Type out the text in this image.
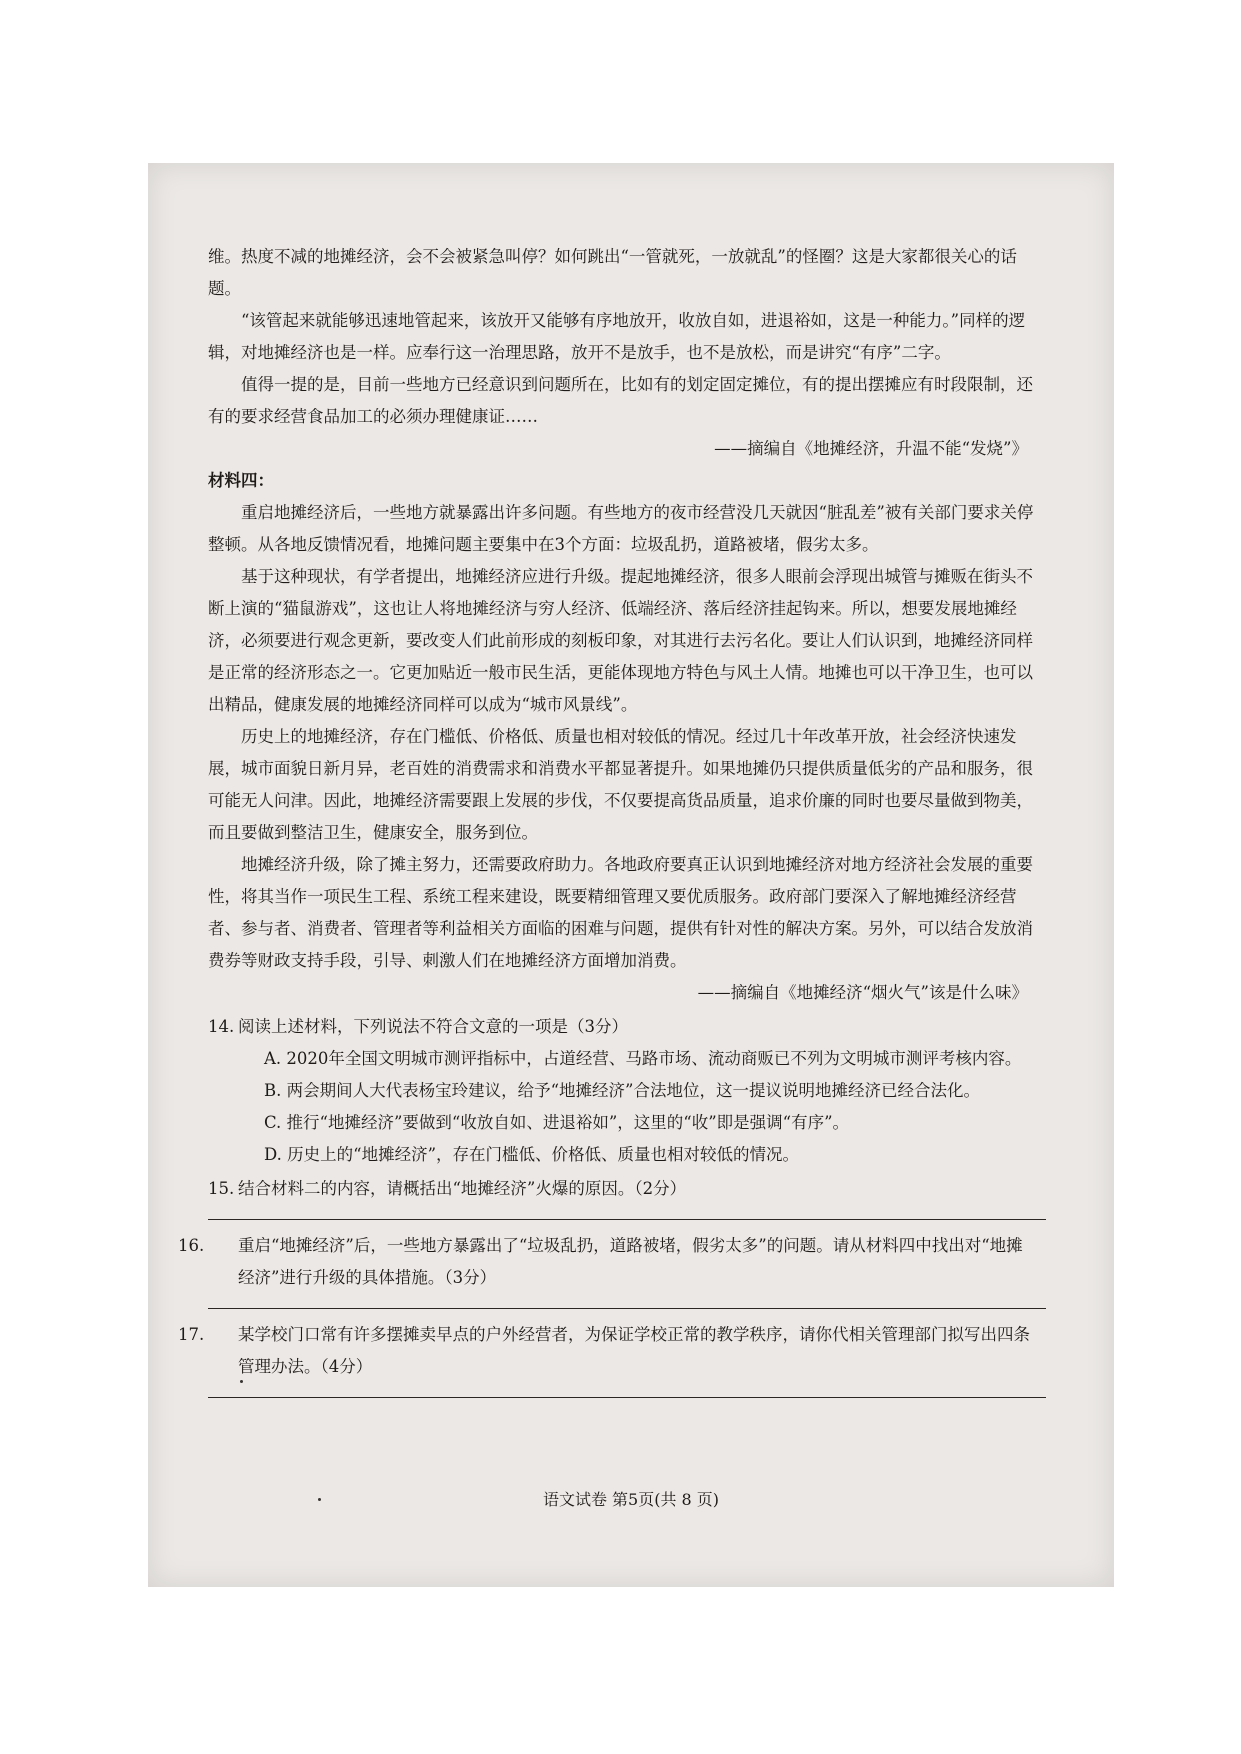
维。热度不减的地摊经济，会不会被紧急叫停？如何跳出“一管就死，一放就乱”的怪圈？这是大家都很关心的话题。

“该管起来就能够迅速地管起来，该放开又能够有序地放开，收放自如，进退裕如，这是一种能力。”同样的逻辑，对地摊经济也是一样。应奉行这一治理思路，放开不是放手，也不是放松，而是讲究“有序”二字。

值得一提的是，目前一些地方已经意识到问题所在，比如有的划定固定摊位，有的提出摆摊应有时段限制，还有的要求经营食品加工的必须办理健康证……

——摘编自《地摊经济，升温不能“发烧”》

材料四：

重启地摊经济后，一些地方就暴露出许多问题。有些地方的夜市经营没几天就因“脏乱差”被有关部门要求关停整顿。从各地反馈情况看，地摊问题主要集中在3个方面：垃圾乱扔，道路被堵，假劣太多。

基于这种现状，有学者提出，地摊经济应进行升级。提起地摊经济，很多人眼前会浮现出城管与摊贩在街头不断上演的“猫鼠游戏”，这也让人将地摊经济与穷人经济、低端经济、落后经济挂起钩来。所以，想要发展地摊经济，必须要进行观念更新，要改变人们此前形成的刻板印象，对其进行去污名化。要让人们认识到，地摊经济同样是正常的经济形态之一。它更加贴近一般市民生活，更能体现地方特色与风土人情。地摊也可以干净卫生，也可以出精品，健康发展的地摊经济同样可以成为“城市风景线”。

历史上的地摊经济，存在门槛低、价格低、质量也相对较低的情况。经过几十年改革开放，社会经济快速发展，城市面貌日新月异，老百姓的消费需求和消费水平都显著提升。如果地摊仍只提供质量低劣的产品和服务，很可能无人问津。因此，地摊经济需要跟上发展的步伐，不仅要提高货品质量，追求价廉的同时也要尽量做到物美，而且要做到整洁卫生，健康安全，服务到位。

地摊经济升级，除了摊主努力，还需要政府助力。各地政府要真正认识到地摊经济对地方经济社会发展的重要性，将其当作一项民生工程、系统工程来建设，既要精细管理又要优质服务。政府部门要深入了解地摊经济经营者、参与者、消费者、管理者等利益相关方面临的困难与问题，提供有针对性的解决方案。另外，可以结合发放消费券等财政支持手段，引导、刺激人们在地摊经济方面增加消费。

——摘编自《地摊经济“烟火气”该是什么味》

14. 阅读上述材料，下列说法不符合文意的一项是（3分）

A. 2020年全国文明城市测评指标中，占道经营、马路市场、流动商贩已不列为文明城市测评考核内容。

B. 两会期间人大代表杨宝玲建议，给予“地摊经济”合法地位，这一提议说明地摊经济已经合法化。

C. 推行“地摊经济”要做到“收放自如、进退裕如”，这里的“收”即是强调“有序”。

D. 历史上的“地摊经济”，存在门槛低、价格低、质量也相对较低的情况。

15. 结合材料二的内容，请概括出“地摊经济”火爆的原因。（2分）

16. 重启“地摊经济”后，一些地方暴露出了“垃圾乱扔，道路被堵，假劣太多”的问题。请从材料四中找出对“地摊经济”进行升级的具体措施。（3分）

17. 某学校门口常有许多摆摊卖早点的户外经营者，为保证学校正常的教学秩序，请你代相关管理部门拟写出四条管理办法。（4分）

语文试卷 第5页(共 8 页)
